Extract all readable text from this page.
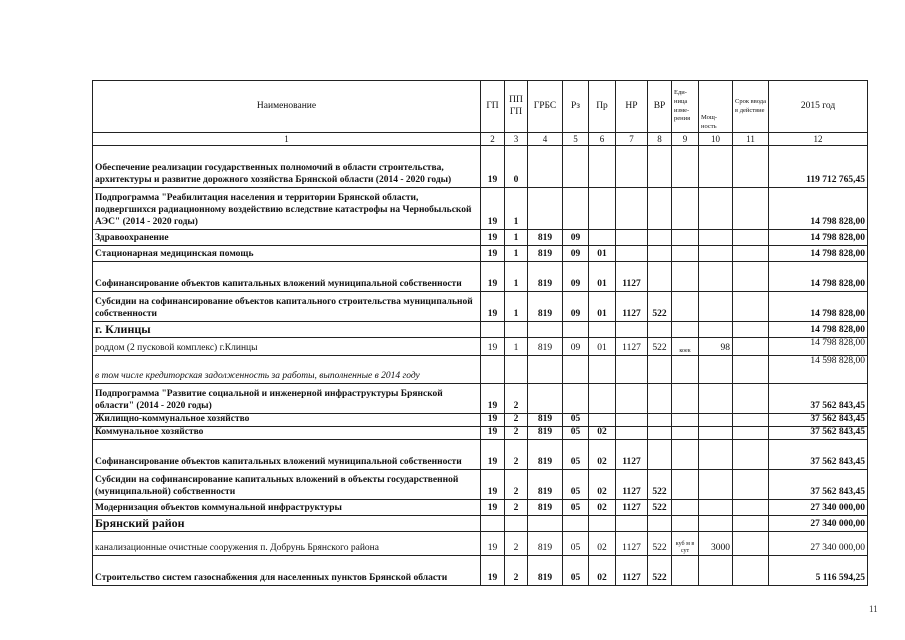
Наименование	ГП	ПП ГП	ГРБС	Рз	Пр	НР	ВР	Еди- ница изме- рения	Мощ- ность	Срок ввода в действие	2015 год
1	2	3	4	5	6	7	8	9	10	11	12
Обеспечение реализации государственных полномочий в области строительства, архитектуры и развитие дорожного хозяйства Брянской области (2014 - 2020 годы)	19	0									119 712 765,45
Подпрограмма "Реабилитация населения и территории Брянской области, подвергшихся радиационному воздействию вследствие катастрофы на Чернобыльской АЭС" (2014 - 2020 годы)	19	1									14 798 828,00
Здравоохранение	19	1	819	09							14 798 828,00
Стационарная медицинская помощь	19	1	819	09	01						14 798 828,00
Софинансирование объектов капитальных вложений муниципальной собственности	19	1	819	09	01	1127					14 798 828,00
Субсидии на софинансирование объектов капитального строительства муниципальной собственности	19	1	819	09	01	1127	522				14 798 828,00
г. Клинцы											14 798 828,00
роддом (2 пусковой комплекс) г.Клинцы	19	1	819	09	01	1127	522	коек	98		14 798 828,00
в том числе кредиторская задолженность за работы, выполненные в 2014 году											14 598 828,00
Подпрограмма "Развитие социальной и инженерной инфраструктуры Брянской области" (2014 - 2020 годы)	19	2									37 562 843,45
Жилищно-коммунальное хозяйство	19	2	819	05							37 562 843,45
Коммунальное хозяйство	19	2	819	05	02						37 562 843,45
Софинансирование объектов капитальных вложений муниципальной собственности	19	2	819	05	02	1127					37 562 843,45
Субсидии на софинансирование капитальных вложений в объекты государственной (муниципальной) собственности	19	2	819	05	02	1127	522				37 562 843,45
Модернизация объектов коммунальной инфраструктуры	19	2	819	05	02	1127	522				27 340 000,00
Брянский район											27 340 000,00
канализационные очистные сооружения п. Добрунь Брянского района	19	2	819	05	02	1127	522	куб м в сут	3000		27 340 000,00
Строительство систем газоснабжения для населенных пунктов Брянской области	19	2	819	05	02	1127	522				5 116 594,25
11
